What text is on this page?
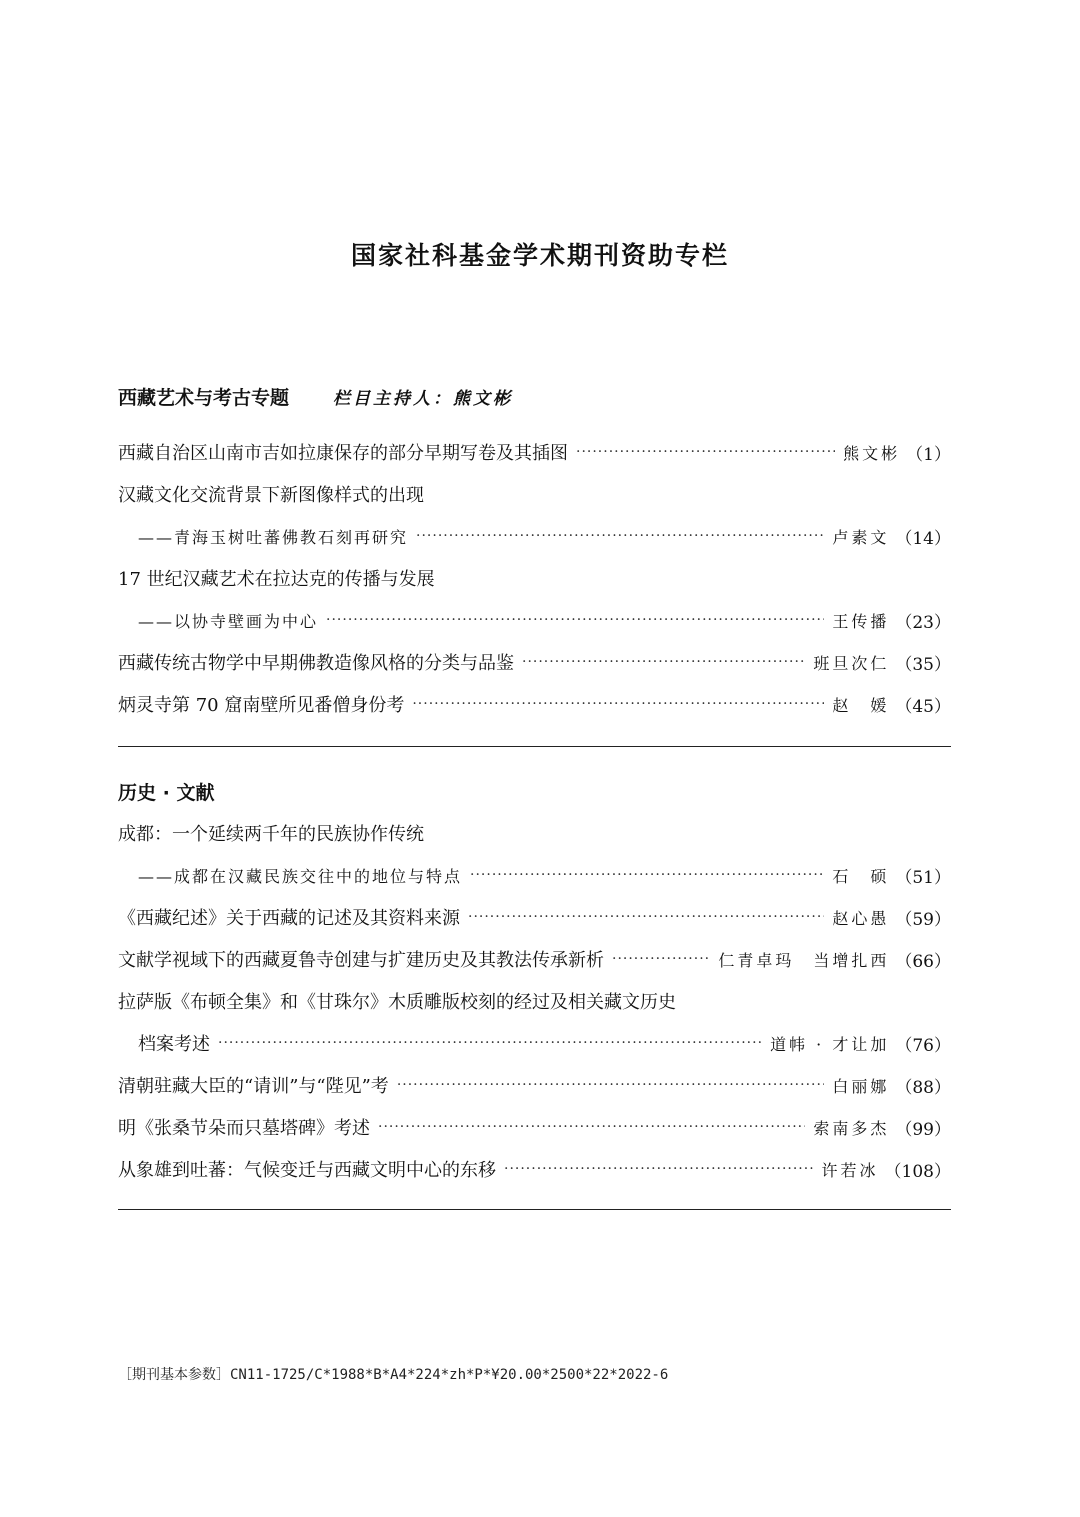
国家社科基金学术期刊资助专栏
西藏艺术与考古专题	栏目主持人：熊文彬
西藏自治区山南市吉如拉康保存的部分早期写卷及其插图 ·····	熊文彬 （1）
汉藏文化交流背景下新图像样式的出现
——青海玉树吐蕃佛教石刻再研究 ·····	卢素文 （14）
17 世纪汉藏艺术在拉达克的传播与发展
——以协寺壁画为中心 ·····	王传播 （23）
西藏传统古物学中早期佛教造像风格的分类与品鉴 ·····	班旦次仁 （35）
炳灵寺第 70 窟南壁所见番僧身份考 ·····	赵　媛 （45）
历史 · 文献
成都：一个延续两千年的民族协作传统
——成都在汉藏民族交往中的地位与特点 ·····	石　硕 （51）
《西藏纪述》关于西藏的记述及其资料来源 ·····	赵心愚 （59）
文献学视域下的西藏夏鲁寺创建与扩建历史及其教法传承新析 ·····	仁青卓玛　当增扎西 （66）
拉萨版《布顿全集》和《甘珠尔》木质雕版校刻的经过及相关藏文历史
档案考述 ·····	道帏 · 才让加 （76）
清朝驻藏大臣的“请训”与“陛见”考 ·····	白丽娜 （88）
明《张桑节朵而只墓塔碑》考述 ·····	索南多杰 （99）
从象雄到吐蕃：气候变迁与西藏文明中心的东移 ·····	许若冰 （108）
［期刊基本参数］CN11-1725/C*1988*B*A4*224*zh*P*¥20.00*2500*22*2022-6
